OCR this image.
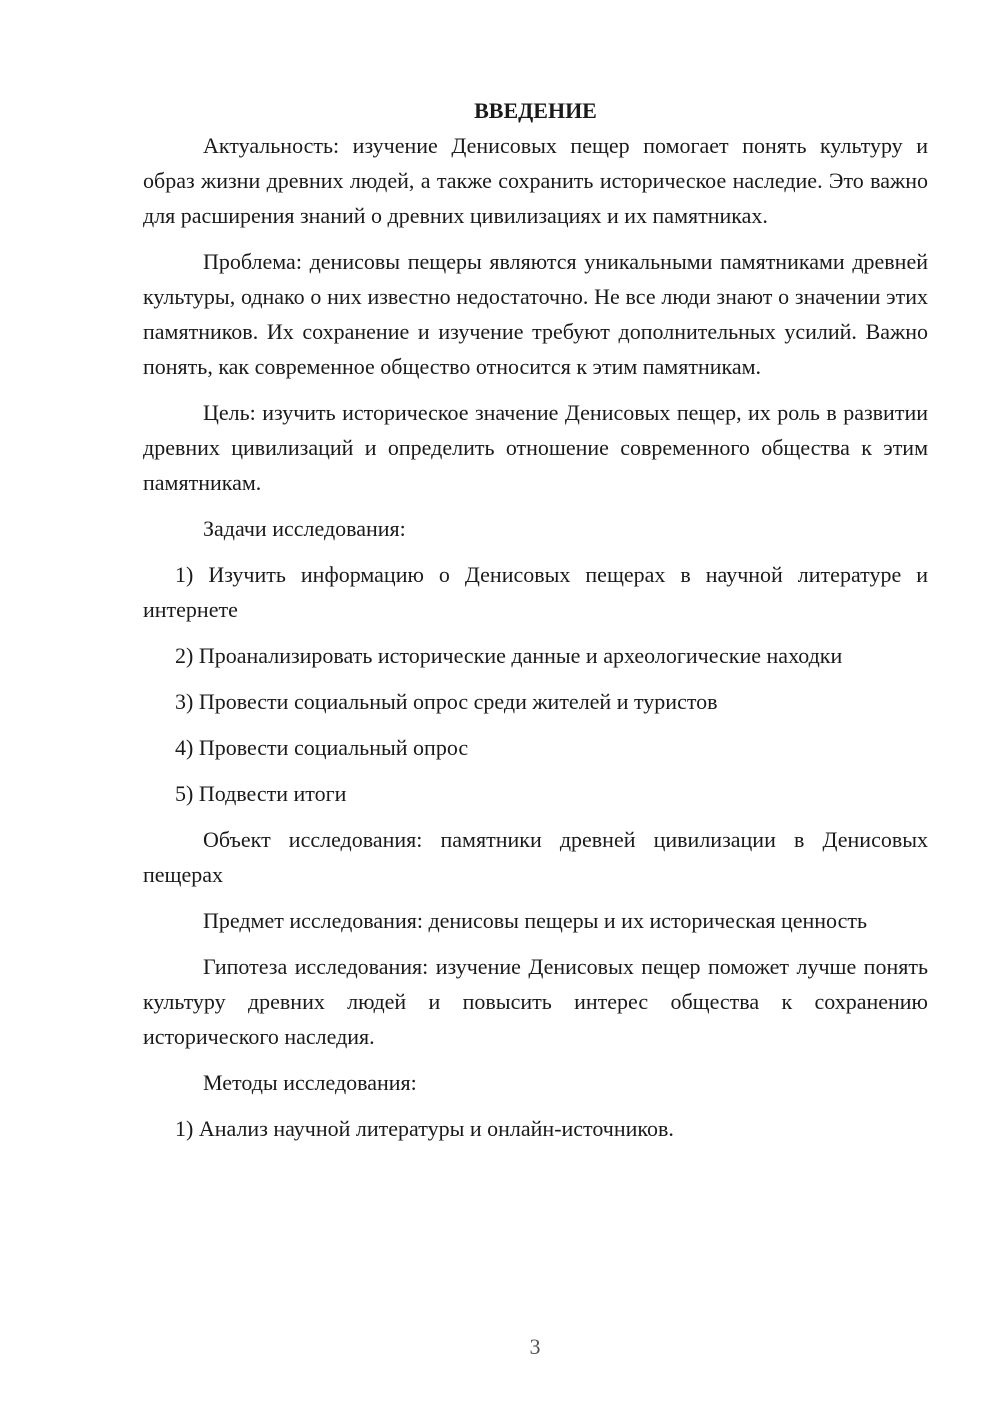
ВВЕДЕНИЕ

Актуальность: изучение Денисовых пещер помогает понять культуру и образ жизни древних людей, а также сохранить историческое наследие. Это важно для расширения знаний о древних цивилизациях и их памятниках.

Проблема: денисовы пещеры являются уникальными памятниками древней культуры, однако о них известно недостаточно. Не все люди знают о значении этих памятников. Их сохранение и изучение требуют дополнительных усилий. Важно понять, как современное общество относится к этим памятникам.

Цель: изучить историческое значение Денисовых пещер, их роль в развитии древних цивилизаций и определить отношение современного общества к этим памятникам.

Задачи исследования:

1) Изучить информацию о Денисовых пещерах в научной литературе и интернете

2) Проанализировать исторические данные и археологические находки

3) Провести социальный опрос среди жителей и туристов

4) Провести социальный опрос

5) Подвести итоги

Объект исследования: памятники древней цивилизации в Денисовых пещерах

Предмет исследования: денисовы пещеры и их историческая ценность

Гипотеза исследования: изучение Денисовых пещер поможет лучше понять культуру древних людей и повысить интерес общества к сохранению исторического наследия.

Методы исследования:

1) Анализ научной литературы и онлайн-источников.

3
